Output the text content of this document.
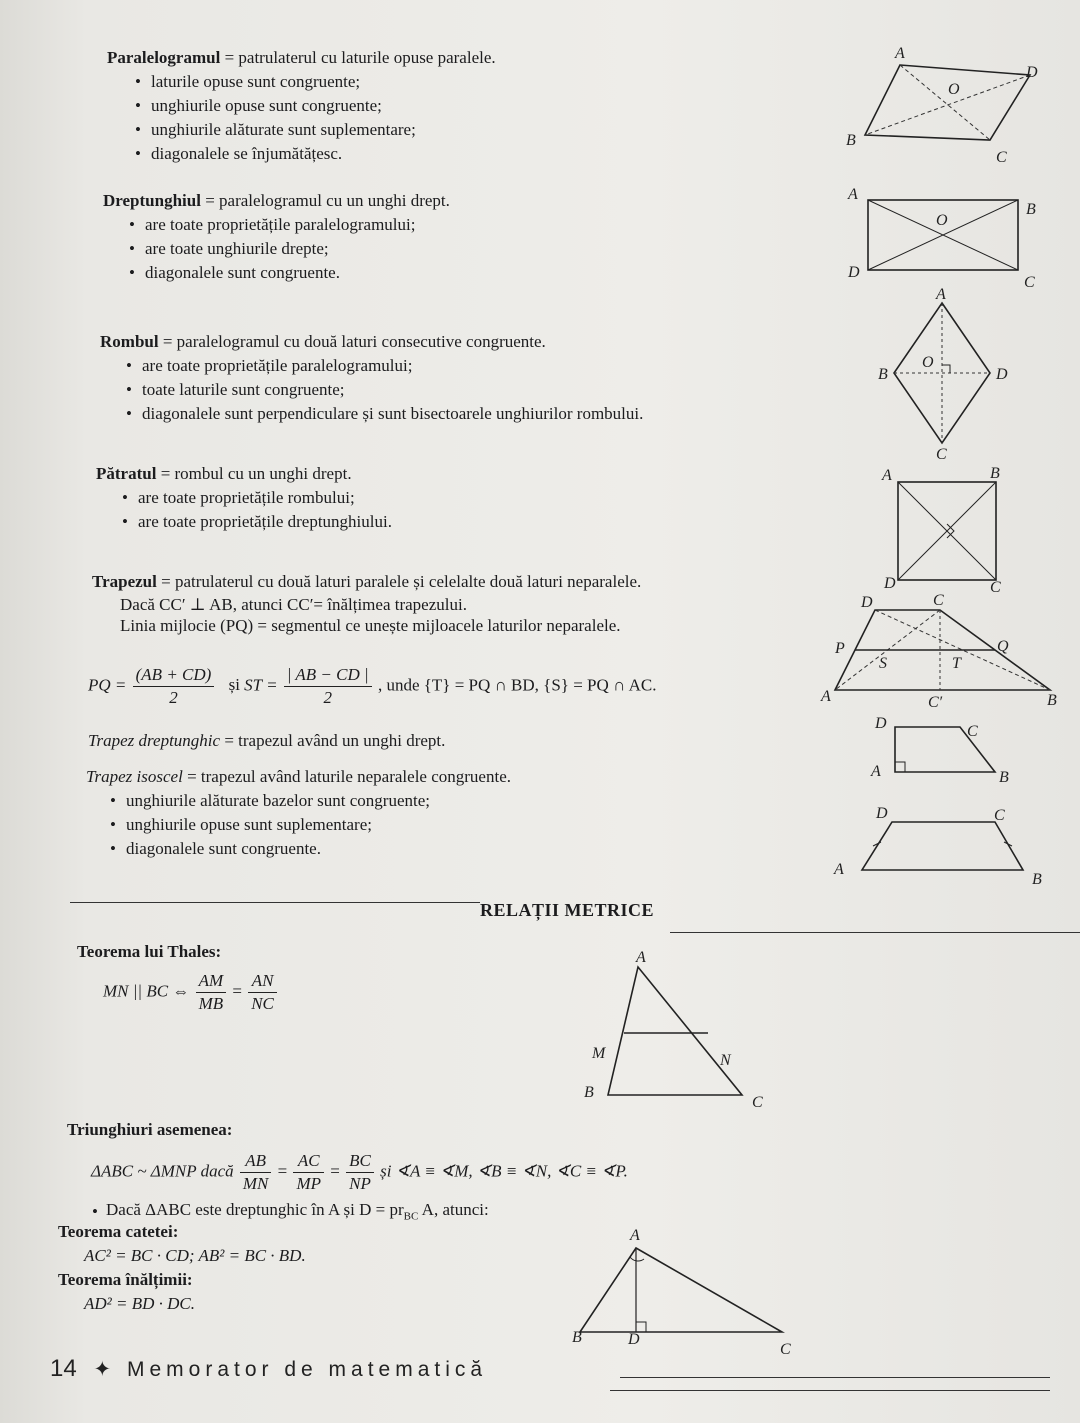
Paralelogramul = patrulaterul cu laturile opuse paralele.
• laturile opuse sunt congruente;
• unghiurile opuse sunt congruente;
• unghiurile alăturate sunt suplementare;
• diagonalele se înjumătățesc.
A
D
O
B
C
Dreptunghiul = paralelogramul cu un unghi drept.
• are toate proprietățile paralelogramului;
• are toate unghiurile drepte;
• diagonalele sunt congruente.
A
B
O
D
C
Rombul = paralelogramul cu două laturi consecutive congruente.
• are toate proprietățile paralelogramului;
• toate laturile sunt congruente;
• diagonalele sunt perpendiculare și sunt bisectoarele unghiurilor rombului.
A
B
O
D
C
Pătratul = rombul cu un unghi drept.
• are toate proprietățile rombului;
• are toate proprietățile dreptunghiului.
A	B
D	C
Trapezul = patrulaterul cu două laturi paralele și celelalte două laturi neparalele.
Dacă CC′ ⊥ AB, atunci CC′= înălțimea trapezului.
Linia mijlocie (PQ) = segmentul ce unește mijloacele laturilor neparalele.
PQ = $\frac{(AB + CD)}{2}$ și ST = $\frac{| AB - CD |}{2}$ , unde {T} = PQ ∩ BD, {S} = PQ ∩ AC.
Trapez dreptunghic = trapezul având un unghi drept.
Trapez isoscel = trapezul având laturile neparalele congruente.
• unghiurile alăturate bazelor sunt congruente;
• unghiurile opuse sunt suplementare;
• diagonalele sunt congruente.
D	C
P	Q
S	T
A	C′	B
D	C
A	B
D	C
A
B
RELAȚII METRICE
Teorema lui Thales:
MN || BC ⇔ $\frac{AM}{MB} = \frac{AN}{NC}$
A
M	N
B
C
Triunghiuri asemenea:
ΔABC ~ ΔMNP dacă $\frac{AB}{MN} = \frac{AC}{MP} = \frac{BC}{NP}$ și ∢A ≡ ∢M, ∢B ≡ ∢N, ∢C ≡ ∢P.
• Dacă ΔABC este dreptunghic în A și $D = pr_{BC}$ A, atunci:
Teorema catetei:
AC² = BC · CD; AB² = BC · BD.
Teorema înălțimii:
AD² = BD · DC.
A
B	D
C
14 ✦ Memorator de matematică
